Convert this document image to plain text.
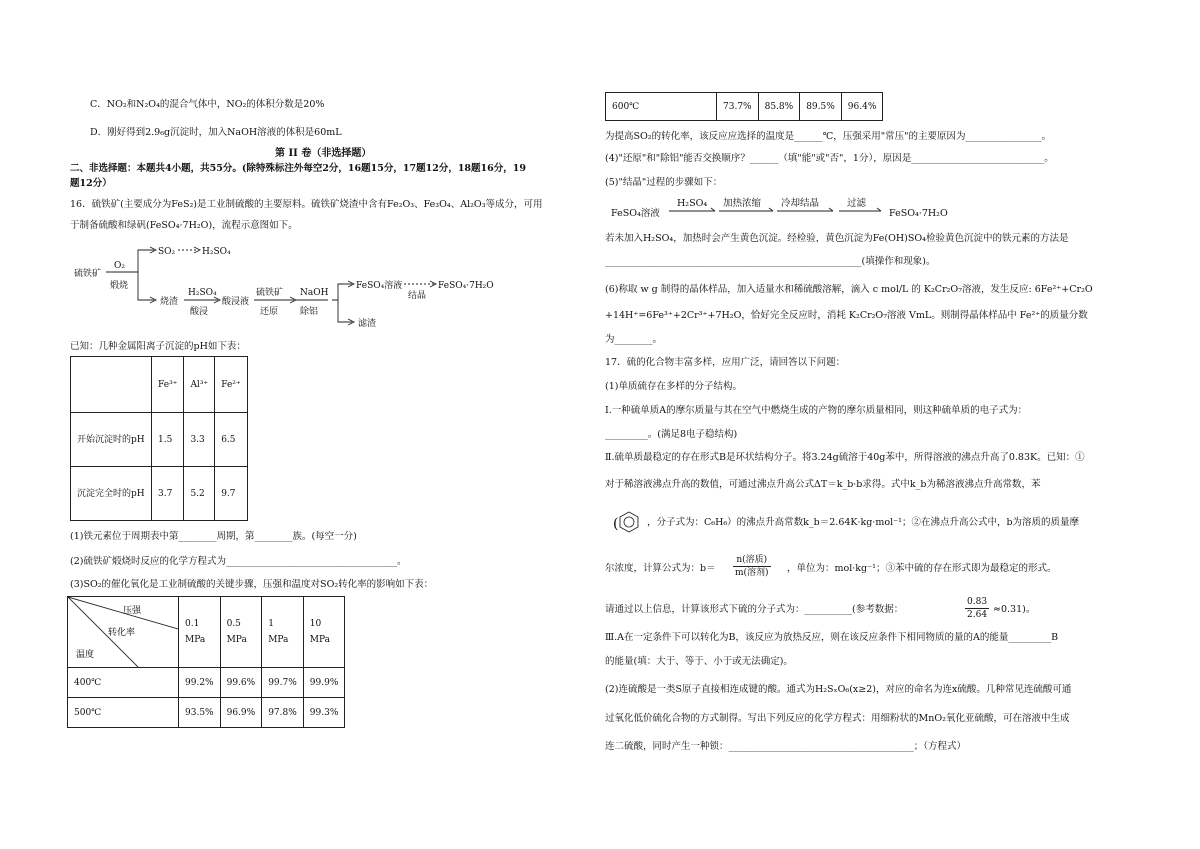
C．NO₂和N₂O₄的混合气体中，NO₂的体积分数是20%
D．刚好得到2.9₆g沉淀时，加入NaOH溶液的体积是60mL
第 II 卷（非选择题）
二、非选择题：本题共4小题，共55分。(除特殊标注外每空2分，16题15分，17题12分，18题16分，19
题12分）
16．硫铁矿(主要成分为FeS₂)是工业制硫酸的主要原料。硫铁矿烧渣中含有Fe₂O₃、Fe₃O₄、Al₂O₃等成分，可用
于制备硫酸和绿矾(FeSO₄·7H₂O)，流程示意图如下。
硫铁矿
O₂
煅烧
SO₂	H₂SO₄
烧渣
H₂SO₄
酸浸
酸浸液
硫铁矿
还原
NaOH
除铝
FeSO₄溶液
结晶
FeSO₄·7H₂O
滤渣
已知：几种金属阳离子沉淀的pH如下表：
	Fe³⁺	Al³⁺	Fe²⁺
开始沉淀时的pH	1.5	3.3	6.5
沉淀完全时的pH	3.7	5.2	9.7
(1)铁元素位于周期表中第________周期，第________族。(每空一分)
(2)硫铁矿煅烧时反应的化学方程式为____________________________________。
(3)SO₂的催化氧化是工业制硫酸的关键步骤，压强和温度对SO₂转化率的影响如下表：
压强
转化率
温度	0.1 MPa	0.5 MPa	1 MPa	10 MPa
400℃	99.2%	99.6%	99.7%	99.9%
500℃	93.5%	96.9%	97.8%	99.3%
600℃	73.7%	85.8%	89.5%	96.4%
为提高SO₂的转化率，该反应应选择的温度是______℃，压强采用"常压"的主要原因为________________。
(4)"还原"和"除铝"能否交换顺序？______（填"能"或"否"，1分），原因是____________________________。
(5)"结晶"过程的步骤如下：
FeSO₄溶液
H₂SO₄ 加热浓缩 冷却结晶	过滤
FeSO₄·7H₂O
若未加入H₂SO₄，加热时会产生黄色沉淀。经检验，黄色沉淀为Fe(OH)SO₄检验黄色沉淀中的铁元素的方法是
______________________________________________________(填操作和现象)。
(6)称取 w g 制得的晶体样品，加入适量水和稀硫酸溶解，滴入 c mol/L 的 K₂Cr₂O₇溶液，发生反应: 6Fe²⁺+Cr₂O
+14H⁺=6Fe³⁺+2Cr³⁺+7H₂O，恰好完全反应时，消耗 K₂Cr₂O₇溶液 VmL。则制得晶体样品中 Fe²⁺的质量分数
为________。
17．硫的化合物丰富多样，应用广泛，请回答以下问题：
(1)单质硫存在多样的分子结构。
Ⅰ.一种硫单质A的摩尔质量与其在空气中燃烧生成的产物的摩尔质量相同，则这种硫单质的电子式为：
_________。(满足8电子稳结构)
Ⅱ.硫单质最稳定的存在形式B是环状结构分子。将3.24g硫溶于40g苯中，所得溶液的沸点升高了0.83K。已知：①
对于稀溶液沸点升高的数值，可通过沸点升高公式ΔT＝k_b·b求得。式中k_b为稀溶液沸点升高常数，苯
(	，分子式为：C₆H₆）的沸点升高常数k_b＝2.64K·kg·mol⁻¹；②在沸点升高公式中，b为溶质的质量摩
尔浓度，计算公式为：b＝
n(溶质)
m(溶剂) ，单位为：mol·kg⁻¹；③苯中硫的存在形式即为最稳定的形式。
请通过以上信息，计算该形式下硫的分子式为：__________(参考数据：	$\frac{0.83}{2.64} \approx 0.31$)。
Ⅲ.A在一定条件下可以转化为B，该反应为放热反应，则在该反应条件下相同物质的量的A的能量_________B
的能量(填：大于、等于、小于或无法确定)。
(2)连硫酸是一类S原子直接相连成键的酸。通式为H₂SₓO₆(x≥2)，对应的命名为连x硫酸。几种常见连硫酸可通
过氧化低价硫化合物的方式制得。写出下列反应的化学方程式：用细粉状的MnO₂氧化亚硫酸，可在溶液中生成
连二硫酸，同时产生一种锁：_______________________________________；（方程式）
